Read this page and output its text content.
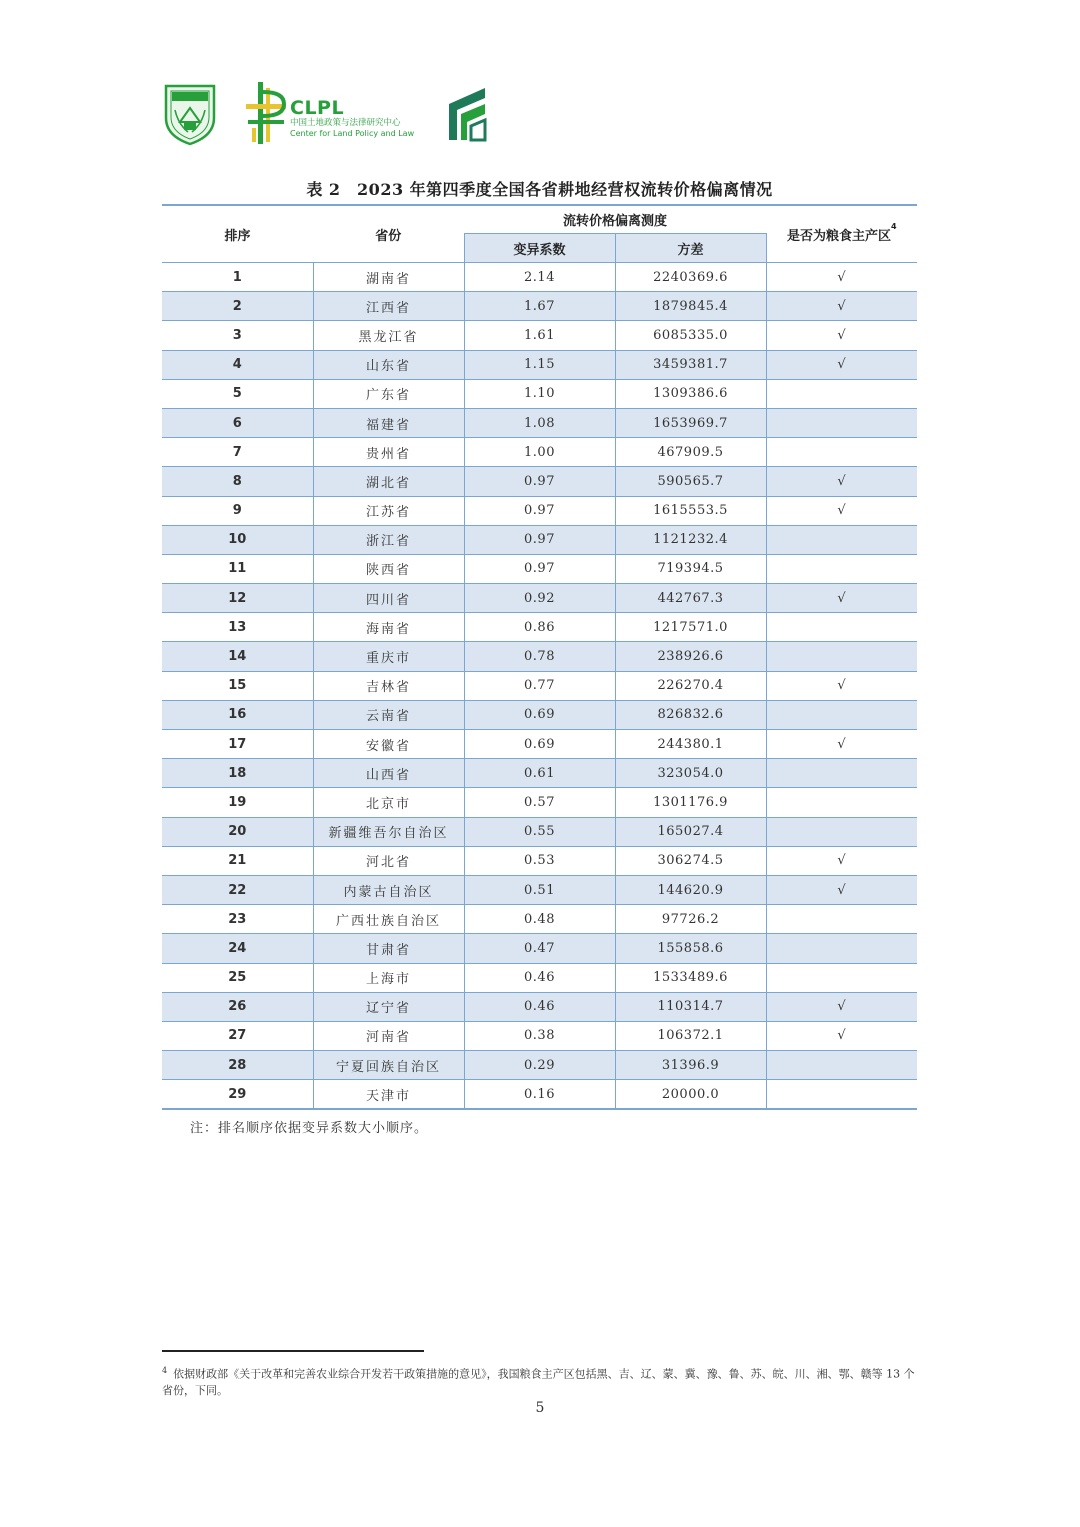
CLPL
中国土地政策与法律研究中心
Center for Land Policy and Law
表 2　2023 年第四季度全国各省耕地经营权流转价格偏离情况
排序	省份	流转价格偏离测度		是否为粮食主产区$^4$
		变异系数	方差	
1	湖南省	2.14	2240369.6	√
2	江西省	1.67	1879845.4	√
3	黑龙江省	1.61	6085335.0	√
4	山东省	1.15	3459381.7	√
5	广东省	1.10	1309386.6	
6	福建省	1.08	1653969.7	
7	贵州省	1.00	467909.5	
8	湖北省	0.97	590565.7	√
9	江苏省	0.97	1615553.5	√
10	浙江省	0.97	1121232.4	
11	陕西省	0.97	719394.5	
12	四川省	0.92	442767.3	√
13	海南省	0.86	1217571.0	
14	重庆市	0.78	238926.6	
15	吉林省	0.77	226270.4	√
16	云南省	0.69	826832.6	
17	安徽省	0.69	244380.1	√
18	山西省	0.61	323054.0	
19	北京市	0.57	1301176.9	
20	新疆维吾尔自治区	0.55	165027.4	
21	河北省	0.53	306274.5	√
22	内蒙古自治区	0.51	144620.9	√
23	广西壮族自治区	0.48	97726.2	
24	甘肃省	0.47	155858.6	
25	上海市	0.46	1533489.6	
26	辽宁省	0.46	110314.7	√
27	河南省	0.38	106372.1	√
28	宁夏回族自治区	0.29	31396.9	
29	天津市	0.16	20000.0	
注：排名顺序依据变异系数大小顺序。
$^4$ 依据财政部《关于改革和完善农业综合开发若干政策措施的意见》，我国粮食主产区包括黑、吉、辽、蒙、冀、豫、鲁、苏、皖、川、湘、鄂、赣等 13 个省份，下同。
5
